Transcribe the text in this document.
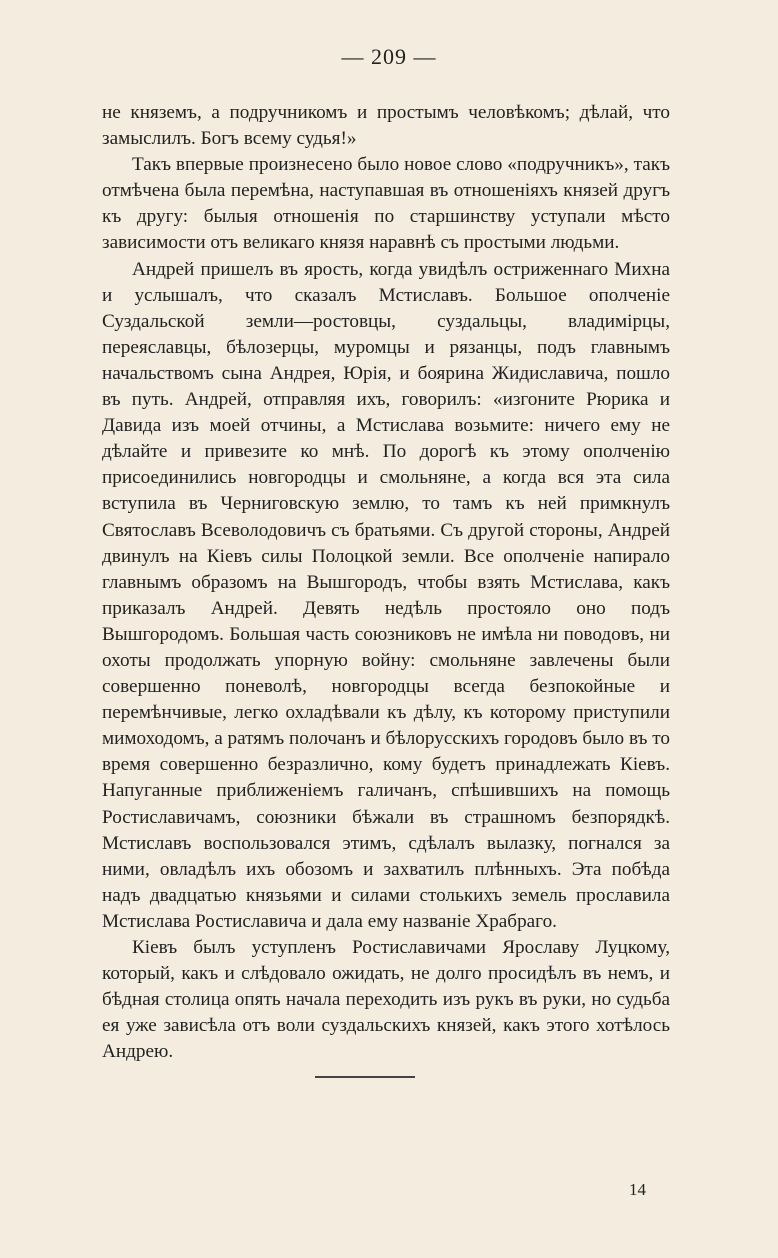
— 209 —

не княземъ, а подручникомъ и простымъ человѣкомъ; дѣлай, что замыслилъ. Богъ всему судья!»

Такъ впервые произнесено было новое слово «подручникъ», такъ отмѣчена была перемѣна, наступавшая въ отношеніяхъ князей другъ къ другу: былыя отношенія по старшинству уступали мѣсто зависимости отъ великаго князя наравнѣ съ простыми людьми.

Андрей пришелъ въ ярость, когда увидѣлъ остриженнаго Михна и услышалъ, что сказалъ Мстиславъ. Большое ополченіе Суздальской земли—ростовцы, суздальцы, владимірцы, переяславцы, бѣлозерцы, муромцы и рязанцы, подъ главнымъ начальствомъ сына Андрея, Юрія, и боярина Жидиславича, пошло въ путь. Андрей, отправляя ихъ, говорилъ: «изгоните Рюрика и Давида изъ моей отчины, а Мстислава возьмите: ничего ему не дѣлайте и привезите ко мнѣ. По дорогѣ къ этому ополченію присоединились новгородцы и смольняне, а когда вся эта сила вступила въ Черниговскую землю, то тамъ къ ней примкнулъ Святославъ Всеволодовичъ съ братьями. Съ другой стороны, Андрей двинулъ на Кіевъ силы Полоцкой земли. Все ополченіе напирало главнымъ образомъ на Вышгородъ, чтобы взять Мстислава, какъ приказалъ Андрей. Девять недѣль простояло оно подъ Вышгородомъ. Большая часть союзниковъ не имѣла ни поводовъ, ни охоты продолжать упорную войну: смольняне завлечены были совершенно поневолѣ, новгородцы всегда безпокойные и перемѣнчивые, легко охладѣвали къ дѣлу, къ которому приступили мимоходомъ, а ратямъ полочанъ и бѣлорусскихъ городовъ было въ то время совершенно безразлично, кому будетъ принадлежать Кіевъ. Напуганные приближеніемъ галичанъ, спѣшившихъ на помощь Ростиславичамъ, союзники бѣжали въ страшномъ безпорядкѣ. Мстиславъ воспользовался этимъ, сдѣлалъ вылазку, погнался за ними, овладѣлъ ихъ обозомъ и захватилъ плѣнныхъ. Эта побѣда надъ двадцатью князьями и силами столькихъ земель прославила Мстислава Ростиславича и дала ему названіе Храбраго.

Кіевъ былъ уступленъ Ростиславичами Ярославу Луцкому, который, какъ и слѣдовало ожидать, не долго просидѣлъ въ немъ, и бѣдная столица опять начала переходить изъ рукъ въ руки, но судьба ея уже зависѣла отъ воли суздальскихъ князей, какъ этого хотѣлось Андрею.

14
